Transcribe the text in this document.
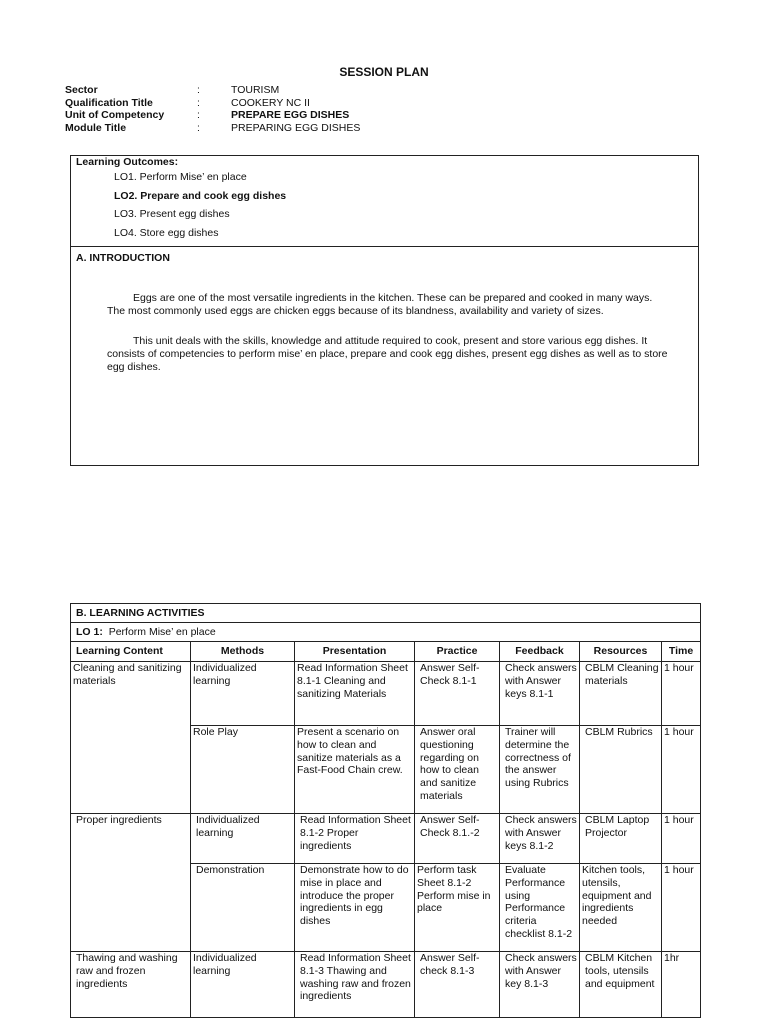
SESSION PLAN
Sector	:	TOURISM
Qualification Title	:	COOKERY NC II
Unit of Competency	:	PREPARE EGG DISHES
Module Title	:	PREPARING EGG DISHES
Learning Outcomes:
LO1. Perform Mise’ en place
LO2. Prepare and cook egg dishes
LO3. Present egg dishes
LO4. Store egg dishes
A. INTRODUCTION

Eggs are one of the most versatile ingredients in the kitchen. These can be prepared and cooked in many ways. The most commonly used eggs are chicken eggs because of its blandness, availability and variety of sizes.

This unit deals with the skills, knowledge and attitude required to cook, present and store various egg dishes. It consists of competencies to perform mise’ en place, prepare and cook egg dishes, present egg dishes as well as to store egg dishes.

B. LEARNING ACTIVITIES						
LO 1: Perform Mise’ en place						
Learning Content	Methods	Presentation	Practice	Feedback	Resources	Time
Cleaning and sanitizing materials	Individualized learning	Read Information Sheet 8.1-1 Cleaning and sanitizing Materials	Answer Self-Check 8.1-1	Check answers with Answer keys 8.1-1	CBLM Cleaning materials	1 hour
	Role Play	Present a scenario on how to clean and sanitize materials as a Fast-Food Chain crew.	Answer oral questioning regarding on how to clean and sanitize materials	Trainer will determine the correctness of the answer using Rubrics	CBLM Rubrics	1 hour
Proper ingredients	Individualized learning	Read Information Sheet 8.1-2 Proper ingredients	Answer Self-Check 8.1.-2	Check answers with Answer keys 8.1-2	CBLM Laptop Projector	1 hour
	Demonstration	Demonstrate how to do mise in place and introduce the proper ingredients in egg dishes	Perform task Sheet 8.1-2 Perform mise in place	Evaluate Performance using Performance criteria checklist 8.1-2	Kitchen tools, utensils, equipment and ingredients needed	1 hour
Thawing and washing raw and frozen ingredients	Individualized learning	Read Information Sheet 8.1-3 Thawing and washing raw and frozen ingredients	Answer Self-check 8.1-3	Check answers with Answer key 8.1-3	CBLM Kitchen tools, utensils and equipment	1hr
